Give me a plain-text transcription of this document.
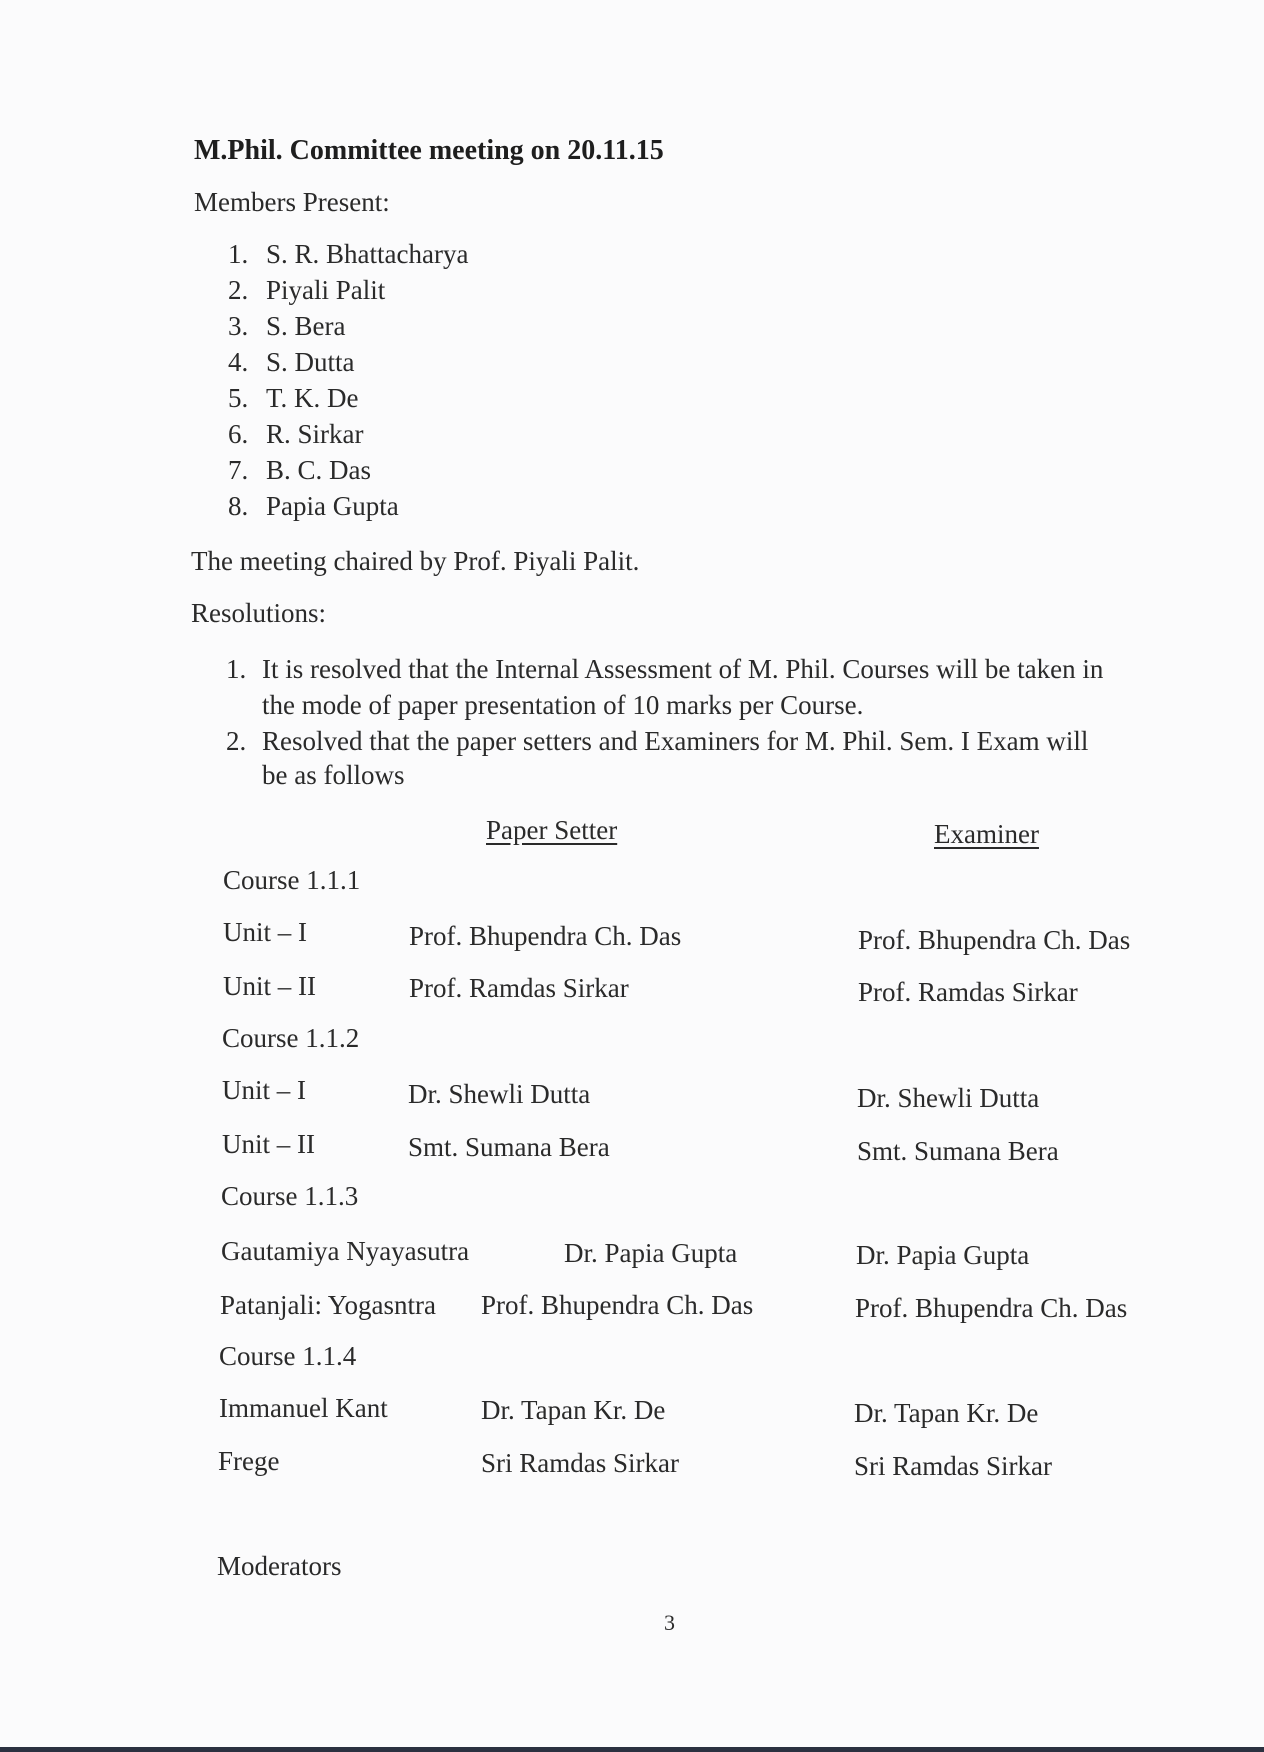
M.Phil. Committee meeting on 20.11.15
Members Present:
1. S. R. Bhattacharya
2. Piyali Palit
3. S. Bera
4. S. Dutta
5. T. K. De
6. R. Sirkar
7. B. C. Das
8. Papia Gupta
The meeting chaired by Prof. Piyali Palit.
Resolutions:
1. It is resolved that the Internal Assessment of M. Phil. Courses will be taken in
the mode of paper presentation of 10 marks per Course.
2. Resolved that the paper setters and Examiners for M. Phil. Sem. I Exam will
be as follows
Paper Setter	Examiner
Course 1.1.1
Unit – I	Prof. Bhupendra Ch. Das	Prof. Bhupendra Ch. Das
Unit – II	Prof. Ramdas Sirkar	Prof. Ramdas Sirkar
Course 1.1.2
Unit – I	Dr. Shewli Dutta	Dr. Shewli Dutta
Unit – II	Smt. Sumana Bera	Smt. Sumana Bera
Course 1.1.3
Gautamiya Nyayasutra	Dr. Papia Gupta	Dr. Papia Gupta
Patanjali: Yogasntra Prof. Bhupendra Ch. Das	Prof. Bhupendra Ch. Das
Course 1.1.4
Immanuel Kant	Dr. Tapan Kr. De	Dr. Tapan Kr. De
Frege	Sri Ramdas Sirkar	Sri Ramdas Sirkar
Moderators
3
